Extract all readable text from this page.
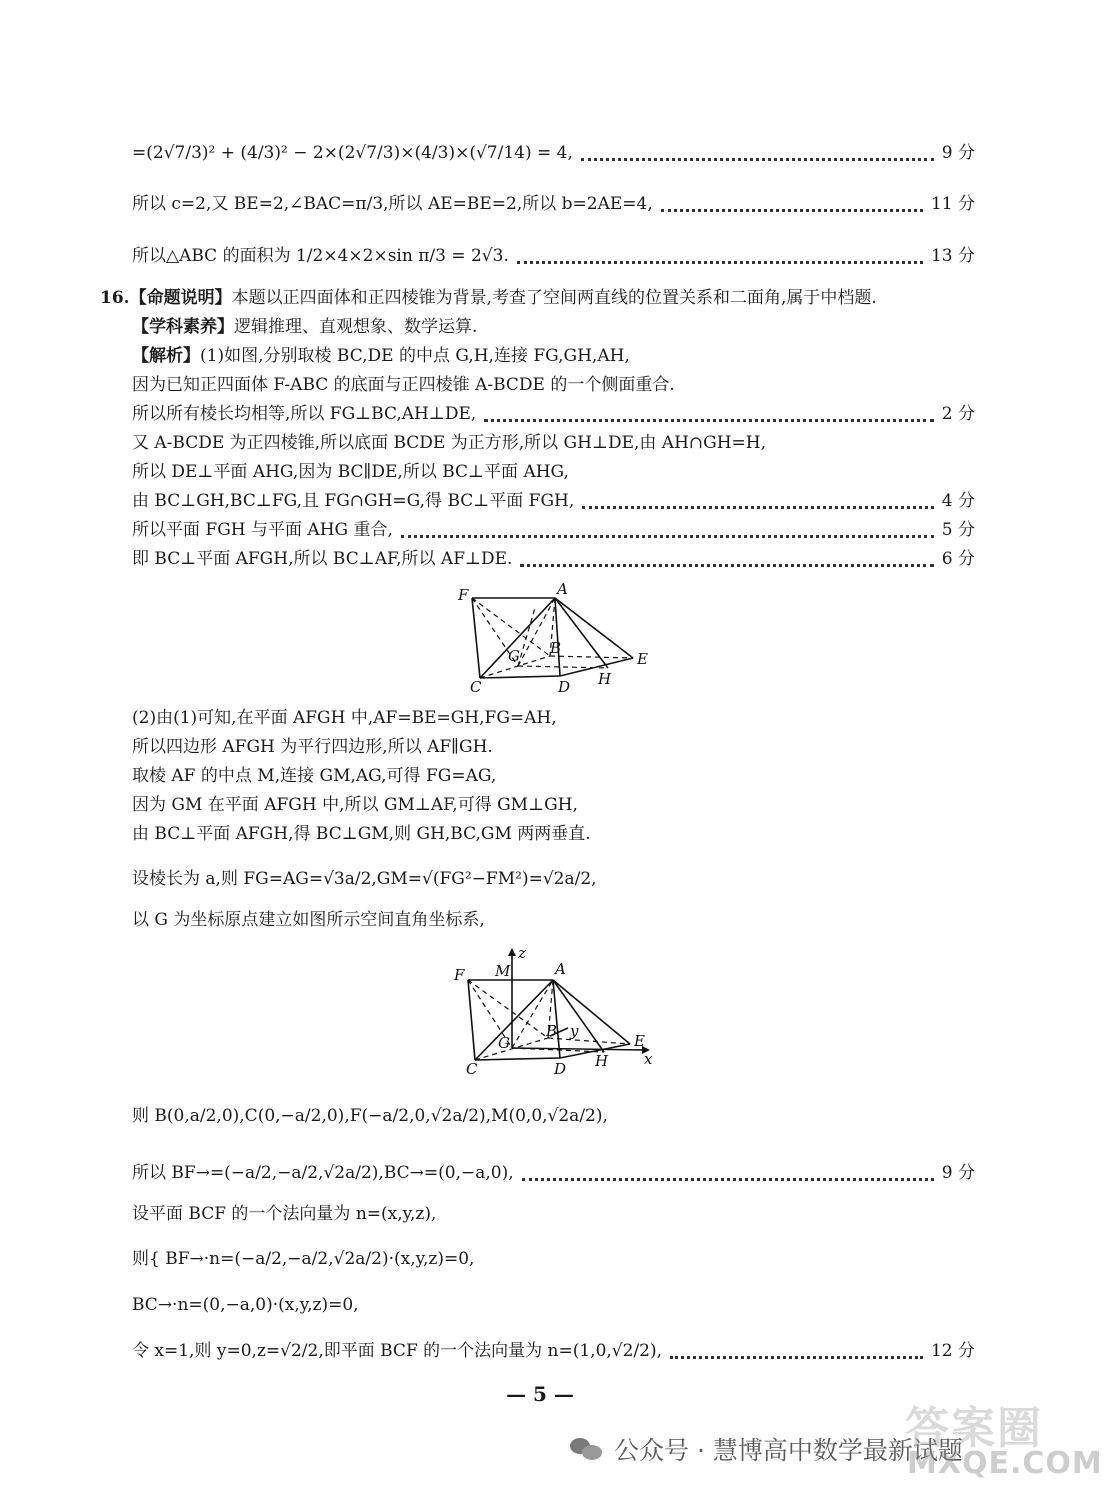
=(2√7/3)² + (4/3)² − 2×(2√7/3)×(4/3)×(√7/14) = 4,	9 分
所以 c=2,又 BE=2,∠BAC=π/3,所以 AE=BE=2,所以 b=2AE=4,	11 分
所以△ABC 的面积为 1/2×4×2×sin π/3 = 2√3.	13 分
16. 【命题说明】 本题以正四面体和正四棱锥为背景,考查了空间两直线的位置关系和二面角,属于中档题.
【学科素养】 逻辑推理、直观想象、数学运算.
【解析】 (1)如图,分别取棱 BC,DE 的中点 G,H,连接 FG,GH,AH,
因为已知正四面体 F-ABC 的底面与正四棱锥 A-BCDE 的一个侧面重合.
所以所有棱长均相等,所以 FG⊥BC,AH⊥DE,	2 分
又 A-BCDE 为正四棱锥,所以底面 BCDE 为正方形,所以 GH⊥DE,由 AH∩GH=H,
所以 DE⊥平面 AHG,因为 BC∥DE,所以 BC⊥平面 AHG,
由 BC⊥GH,BC⊥FG,且 FG∩GH=G,得 BC⊥平面 FGH,	4 分
所以平面 FGH 与平面 AHG 重合,	5 分
即 BC⊥平面 AFGH,所以 BC⊥AF,所以 AF⊥DE.	6 分
(2)由(1)可知,在平面 AFGH 中,AF=BE=GH,FG=AH,
所以四边形 AFGH 为平行四边形,所以 AF∥GH.
取棱 AF 的中点 M,连接 GM,AG,可得 FG=AG,
因为 GM 在平面 AFGH 中,所以 GM⊥AF,可得 GM⊥GH,
由 BC⊥平面 AFGH,得 BC⊥GM,则 GH,BC,GM 两两垂直.
设棱长为 a,则 FG=AG=√3a/2,GM=√(FG²−FM²)=√2a/2,
以 G 为坐标原点建立如图所示空间直角坐标系,
则 B(0,a/2,0),C(0,−a/2,0),F(−a/2,0,√2a/2),M(0,0,√2a/2),
所以 BF→=(−a/2,−a/2,√2a/2),BC→=(0,−a,0),	9 分
设平面 BCF 的一个法向量为 n=(x,y,z),
则{ BF→·n=(−a/2,−a/2,√2a/2)·(x,y,z)=0,
BC→·n=(0,−a,0)·(x,y,z)=0,
令 x=1,则 y=0,z=√2/2,即平面 BCF 的一个法向量为 n=(1,0,√2/2),	12 分
F	A
G B
E
C	D H
z
F M	A
B y
E
G
C	D H x
— 5 —
公众号 · 慧博高中数学最新试题
答案圈
MXQE.COM
